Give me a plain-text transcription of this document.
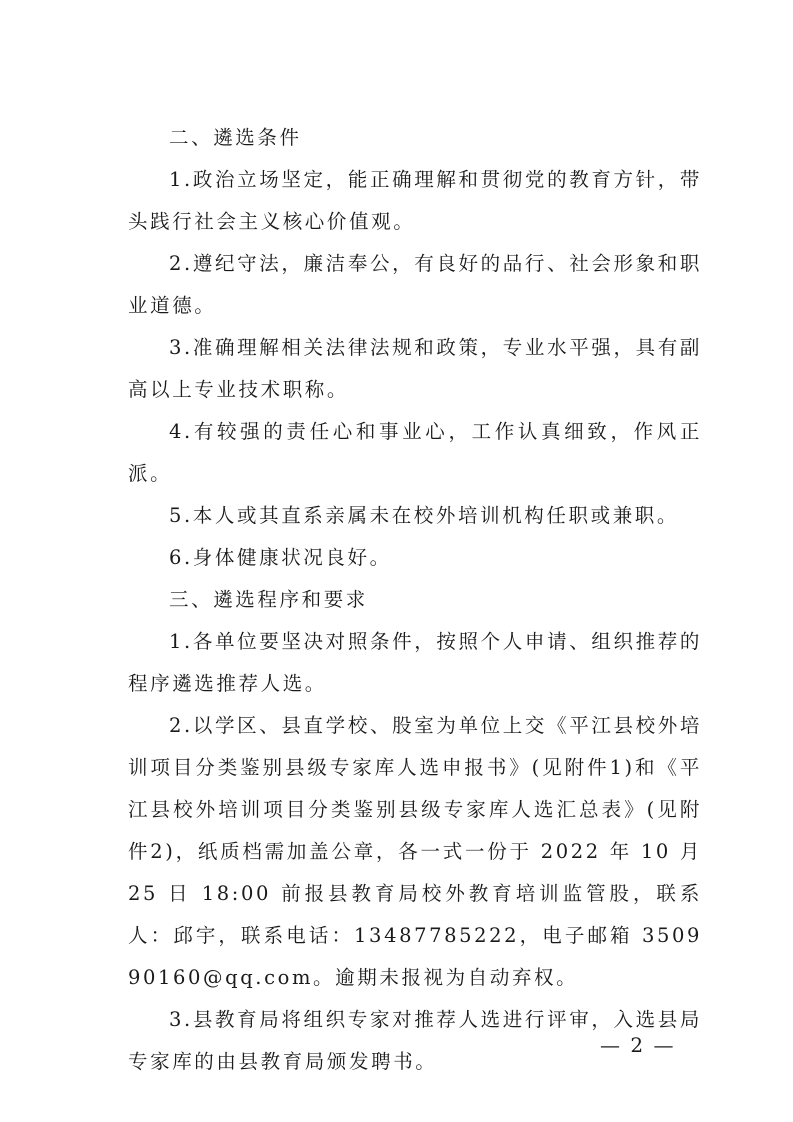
二、遴选条件

1.政治立场坚定，能正确理解和贯彻党的教育方针，带头践行社会主义核心价值观。

2.遵纪守法，廉洁奉公，有良好的品行、社会形象和职业道德。

3.准确理解相关法律法规和政策，专业水平强，具有副高以上专业技术职称。

4.有较强的责任心和事业心，工作认真细致，作风正派。

5.本人或其直系亲属未在校外培训机构任职或兼职。

6.身体健康状况良好。

三、遴选程序和要求

1.各单位要坚决对照条件，按照个人申请、组织推荐的程序遴选推荐人选。

2.以学区、县直学校、股室为单位上交《平江县校外培训项目分类鉴别县级专家库人选申报书》(见附件1)和《平江县校外培训项目分类鉴别县级专家库人选汇总表》(见附件2)，纸质档需加盖公章，各一式一份于 2022 年 10 月 25 日 18:00 前报县教育局校外教育培训监管股，联系人：邱宇，联系电话：13487785222，电子邮箱 350990160@qq.com。逾期未报视为自动弃权。

3.县教育局将组织专家对推荐人选进行评审，入选县局专家库的由县教育局颁发聘书。

— 2 —
